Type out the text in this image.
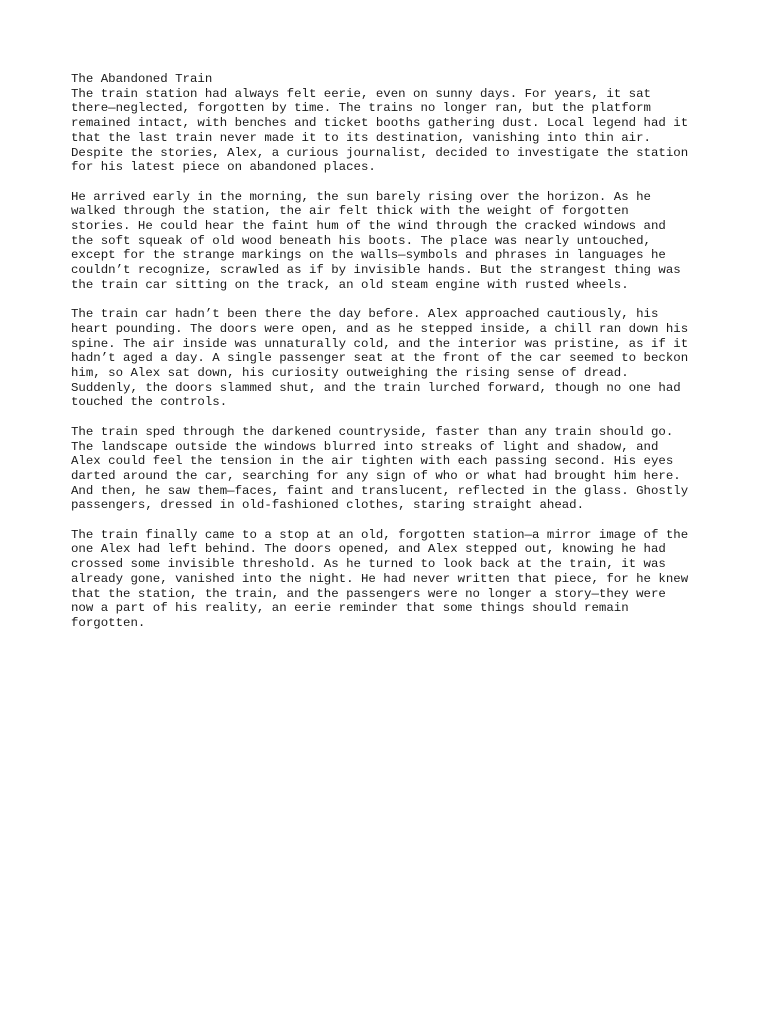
The Abandoned Train

The train station had always felt eerie, even on sunny days. For years, it sat
there—neglected, forgotten by time. The trains no longer ran, but the platform
remained intact, with benches and ticket booths gathering dust. Local legend had it
that the last train never made it to its destination, vanishing into thin air.
Despite the stories, Alex, a curious journalist, decided to investigate the station
for his latest piece on abandoned places.

He arrived early in the morning, the sun barely rising over the horizon. As he
walked through the station, the air felt thick with the weight of forgotten
stories. He could hear the faint hum of the wind through the cracked windows and
the soft squeak of old wood beneath his boots. The place was nearly untouched,
except for the strange markings on the walls—symbols and phrases in languages he
couldn’t recognize, scrawled as if by invisible hands. But the strangest thing was
the train car sitting on the track, an old steam engine with rusted wheels.

The train car hadn’t been there the day before. Alex approached cautiously, his
heart pounding. The doors were open, and as he stepped inside, a chill ran down his
spine. The air inside was unnaturally cold, and the interior was pristine, as if it
hadn’t aged a day. A single passenger seat at the front of the car seemed to beckon
him, so Alex sat down, his curiosity outweighing the rising sense of dread.
Suddenly, the doors slammed shut, and the train lurched forward, though no one had
touched the controls.

The train sped through the darkened countryside, faster than any train should go.
The landscape outside the windows blurred into streaks of light and shadow, and
Alex could feel the tension in the air tighten with each passing second. His eyes
darted around the car, searching for any sign of who or what had brought him here.
And then, he saw them—faces, faint and translucent, reflected in the glass. Ghostly
passengers, dressed in old-fashioned clothes, staring straight ahead.

The train finally came to a stop at an old, forgotten station—a mirror image of the
one Alex had left behind. The doors opened, and Alex stepped out, knowing he had
crossed some invisible threshold. As he turned to look back at the train, it was
already gone, vanished into the night. He had never written that piece, for he knew
that the station, the train, and the passengers were no longer a story—they were
now a part of his reality, an eerie reminder that some things should remain
forgotten.
